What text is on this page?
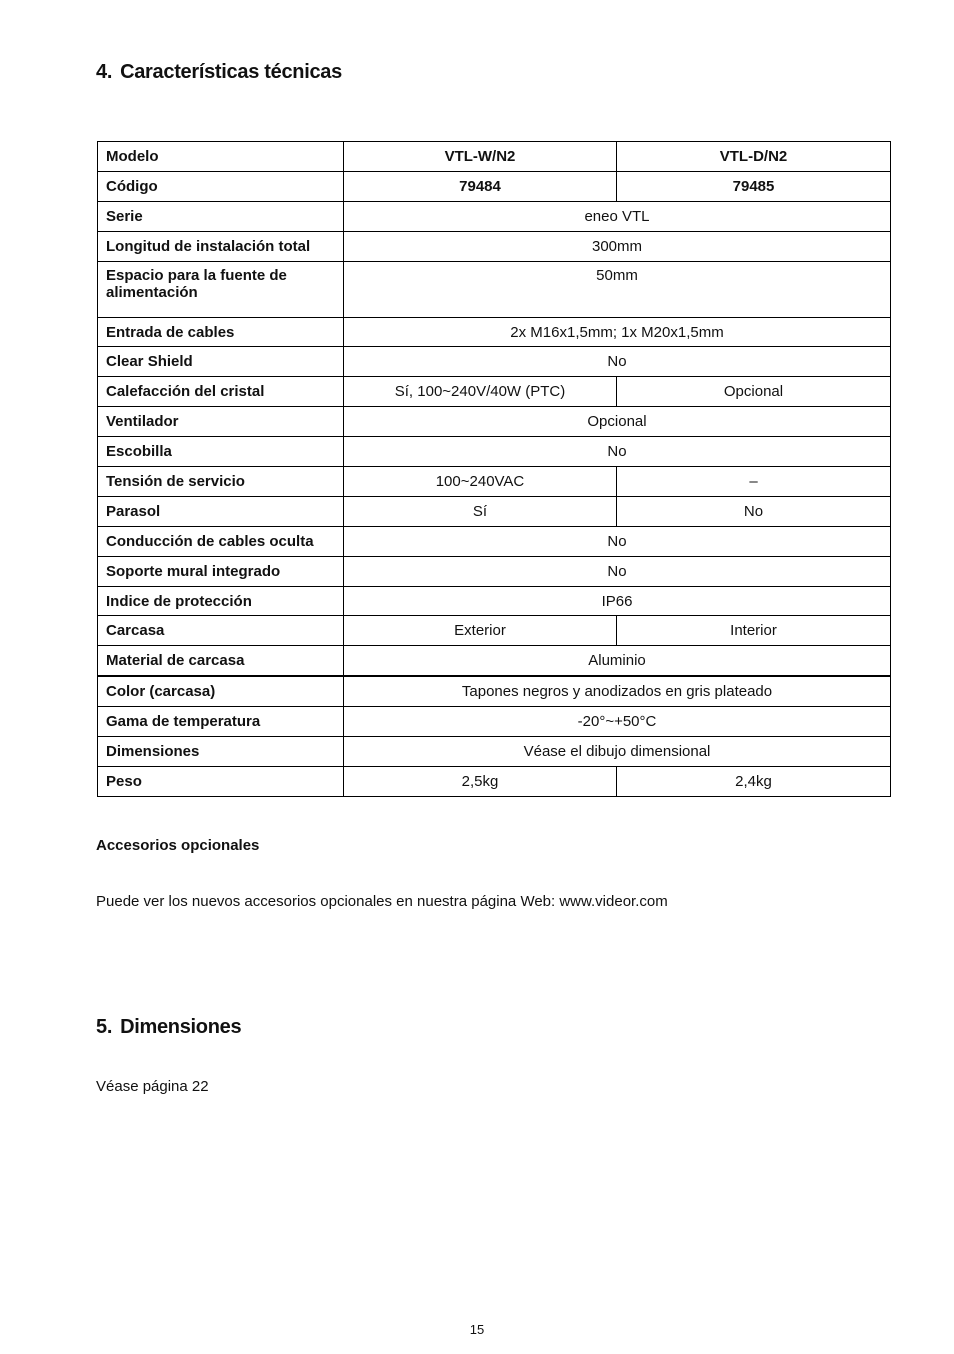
4. Características técnicas
Modelo	VTL-W/N2	VTL-D/N2
Código	79484	79485
Serie	eneo VTL	
Longitud de instalación total	300mm	
Espacio para la fuente de alimentación	50mm	
Entrada de cables	2x M16x1,5mm; 1x M20x1,5mm	
Clear Shield	No	
Calefacción del cristal	Sí, 100~240V/40W (PTC)	Opcional
Ventilador	Opcional	
Escobilla	No	
Tensión de servicio	100~240VAC	–
Parasol	Sí	No
Conducción de cables oculta	No	
Soporte mural integrado	No	
Indice de protección	IP66	
Carcasa	Exterior	Interior
Material de carcasa	Aluminio	
Color (carcasa)	Tapones negros y anodizados en gris plateado	
Gama de temperatura	-20°~+50°C	
Dimensiones	Véase el dibujo dimensional	
Peso	2,5kg	2,4kg
Accesorios opcionales
Puede ver los nuevos accesorios opcionales en nuestra página Web: www.videor.com
5. Dimensiones
Véase página 22
15
